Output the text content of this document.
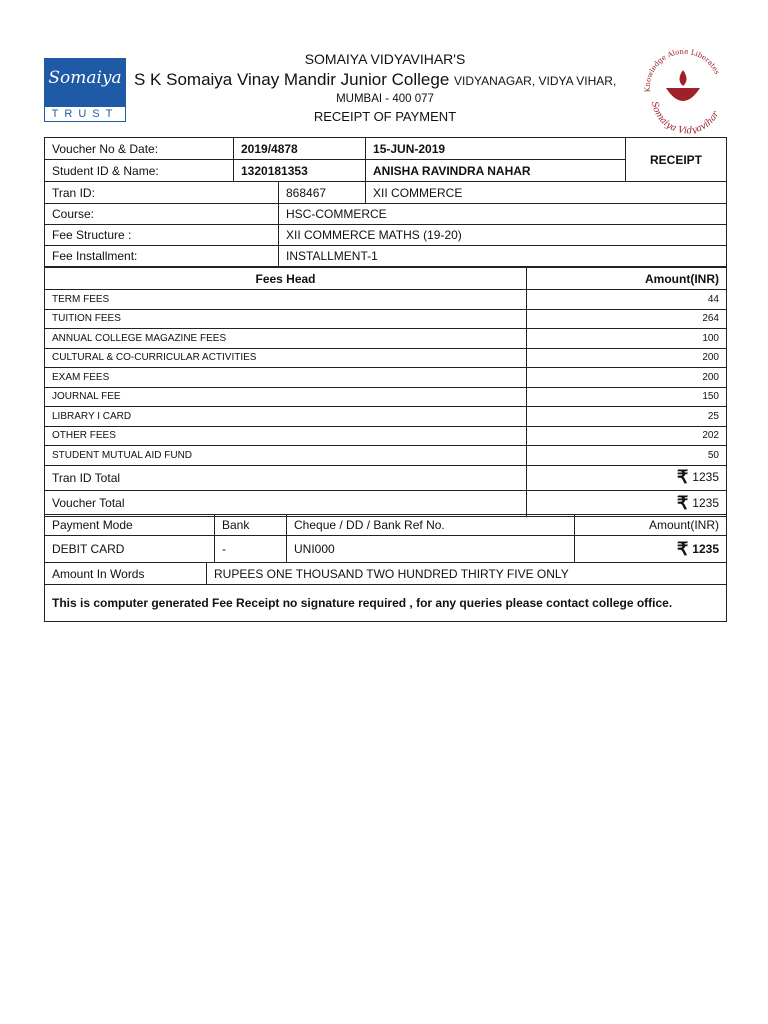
Somaiya
TRUST
SOMAIYA VIDYAVIHAR'S
S K Somaiya Vinay Mandir Junior College VIDYANAGAR, VIDYA VIHAR,
MUMBAI - 400 077
RECEIPT OF PAYMENT
Knowledge Alone Liberates
Somaiya Vidyavihar
Voucher No & Date:	2019/4878		15-JUN-2019	RECEIPT
Student ID & Name:	1320181353		ANISHA RAVINDRA NAHAR	
Tran ID:		868467	XII COMMERCE	
Course:		HSC-COMMERCE		
Fee Structure :		XII COMMERCE MATHS (19-20)		
Fee Installment:		INSTALLMENT-1		
Fees Head	Amount(INR)
TERM FEES	44
TUITION FEES	264
ANNUAL COLLEGE MAGAZINE FEES	100
CULTURAL & CO-CURRICULAR ACTIVITIES	200
EXAM FEES	200
JOURNAL FEE	150
LIBRARY I CARD	25
OTHER FEES	202
STUDENT MUTUAL AID FUND	50
Tran ID Total	₹ 1235
Voucher Total	₹ 1235
Payment Mode		Bank	Cheque / DD / Bank Ref No.	Amount(INR)
DEBIT CARD		-	UNI000	₹ 1235
Amount In Words	RUPEES ONE THOUSAND TWO HUNDRED THIRTY FIVE ONLY			
This is computer generated Fee Receipt no signature required , for any queries please contact college office.				
